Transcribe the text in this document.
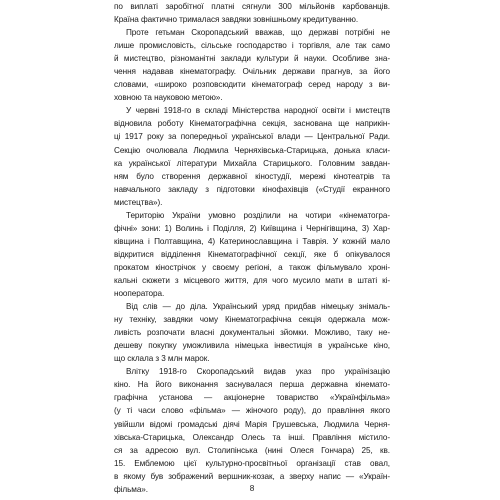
по виплаті заробітної платні сягнули 300 мільйонів карбованців.
Країна фактично трималася завдяки зовнішньому кредитуванню.
Проте гетьман Скоропадський вважав, що державі потрібні не
лише промисловість, сільське господарство і торгівля, але так само
й мистецтво, різноманітні заклади культури й науки. Особливе зна-
чення надавав кінематографу. Очільник держави прагнув, за його
словами, «широко розповсюдити кінематограф серед народу з ви-
ховною та науковою метою».
У червні 1918-го в складі Міністерства народної освіти і мистецтв
відновила роботу Кінематографічна секція, заснована ще наприкін-
ці 1917 року за попередньої української влади — Центральної Ради.
Секцію очолювала Людмила Черняхівська-Старицька, донька класи-
ка української літератури Михайла Старицького. Головним завдан-
ням було створення державної кіностудії, мережі кінотеатрів та
навчального закладу з підготовки кінофахівців («Студії екранного
мистецтва»).
Територію України умовно розділили на чотири «кінематогра-
фічні» зони: 1) Волинь і Поділля, 2) Київщина і Чернігівщина, 3) Хар-
ківщина і Полтавщина, 4) Катеринославщина і Таврія. У кожній мало
відкритися відділення Кінематографічної секції, яке б опікувалося
прокатом кінострічок у своєму регіоні, а також фільмувало хроні-
кальні сюжети з місцевого життя, для чого мусило мати в штаті кі-
нооператора.
Від слів — до діла. Український уряд придбав німецьку знімаль-
ну техніку, завдяки чому Кінематографічна секція одержала мож-
ливість розпочати власні документальні зйомки. Можливо, таку не-
дешеву покупку уможливила німецька інвестиція в українське кіно,
що склала з 3 млн марок.
Влітку 1918-го Скоропадський видав указ про українізацію
кіно. На його виконання заснувалася перша державна кінемато-
графічна установа — акціонерне товариство «Українфільма»
(у ті часи слово «фільма» — жіночого роду), до правління якого
увійшли відомі громадські діячі Марія Грушевська, Людмила Черня-
хівська-Старицька, Олександр Олесь та інші. Правління містило-
ся за адресою вул. Столипінська (нині Олеся Гончара) 25, кв.
15. Емблемою цієї культурно-просвітньої організації став овал,
в якому був зображений вершник-козак, а зверху напис — «Україн-
фільма».	8
